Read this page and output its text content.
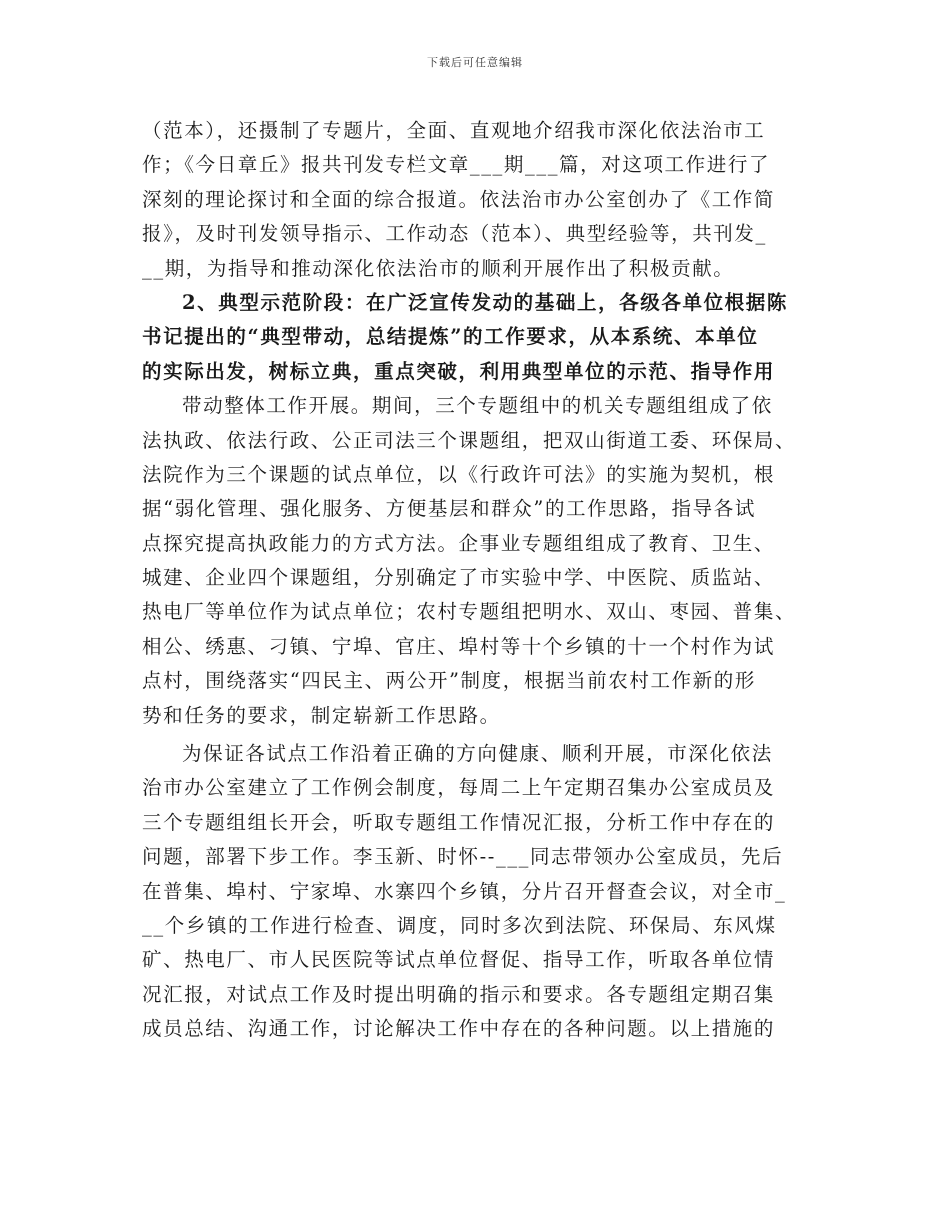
下载后可任意编辑
（范本），还摄制了专题片，全面、直观地介绍我市深化依法治市工
作；《今日章丘》报共刊发专栏文章___期___篇，对这项工作进行了
深刻的理论探讨和全面的综合报道。依法治市办公室创办了《工作简
报》，及时刊发领导指示、工作动态（范本）、典型经验等，共刊发_
__期，为指导和推动深化依法治市的顺利开展作出了积极贡献。
2、典型示范阶段：在广泛宣传发动的基础上，各级各单位根据陈
书记提出的“典型带动，总结提炼”的工作要求，从本系统、本单位
的实际出发，树标立典，重点突破，利用典型单位的示范、指导作用
带动整体工作开展。期间，三个专题组中的机关专题组组成了依
法执政、依法行政、公正司法三个课题组，把双山街道工委、环保局、
法院作为三个课题的试点单位，以《行政许可法》的实施为契机，根
据“弱化管理、强化服务、方便基层和群众”的工作思路，指导各试
点探究提高执政能力的方式方法。企事业专题组组成了教育、卫生、
城建、企业四个课题组，分别确定了市实验中学、中医院、质监站、
热电厂等单位作为试点单位；农村专题组把明水、双山、枣园、普集、
相公、绣惠、刁镇、宁埠、官庄、埠村等十个乡镇的十一个村作为试
点村，围绕落实“四民主、两公开”制度，根据当前农村工作新的形
势和任务的要求，制定崭新工作思路。
为保证各试点工作沿着正确的方向健康、顺利开展，市深化依法
治市办公室建立了工作例会制度，每周二上午定期召集办公室成员及
三个专题组组长开会，听取专题组工作情况汇报，分析工作中存在的
问题，部署下步工作。李玉新、时怀--___同志带领办公室成员，先后
在普集、埠村、宁家埠、水寨四个乡镇，分片召开督查会议，对全市_
__个乡镇的工作进行检查、调度，同时多次到法院、环保局、东风煤
矿、热电厂、市人民医院等试点单位督促、指导工作，听取各单位情
况汇报，对试点工作及时提出明确的指示和要求。各专题组定期召集
成员总结、沟通工作，讨论解决工作中存在的各种问题。以上措施的
